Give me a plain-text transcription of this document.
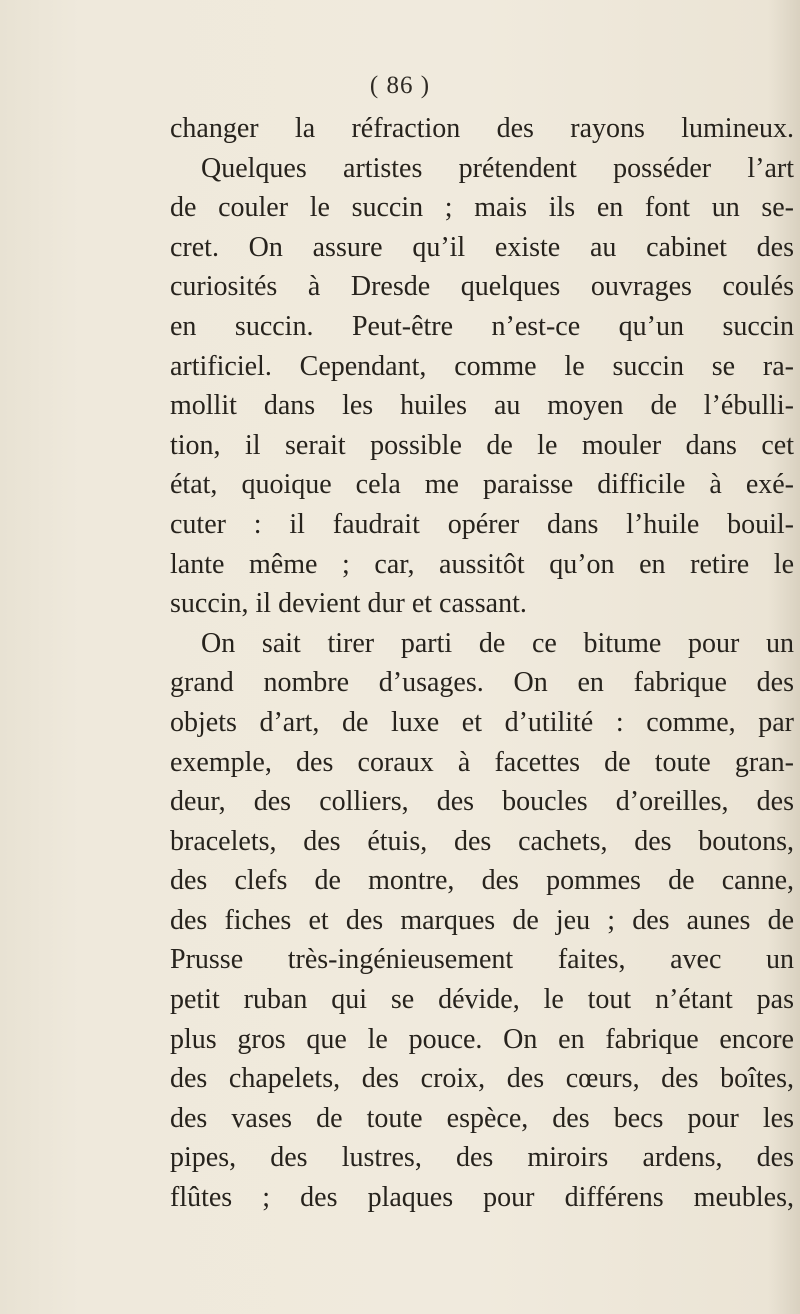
( 86 )
changer la réfraction des rayons lumineux.
Quelques artistes prétendent posséder l’art
de couler le succin ; mais ils en font un se-
cret. On assure qu’il existe au cabinet des
curiosités à Dresde quelques ouvrages coulés
en succin. Peut-être n’est-ce qu’un succin
artificiel. Cependant, comme le succin se ra-
mollit dans les huiles au moyen de l’ébulli-
tion, il serait possible de le mouler dans cet
état, quoique cela me paraisse difficile à exé-
cuter : il faudrait opérer dans l’huile bouil-
lante même ; car, aussitôt qu’on en retire le
succin, il devient dur et cassant.
On sait tirer parti de ce bitume pour un
grand nombre d’usages. On en fabrique des
objets d’art, de luxe et d’utilité : comme, par
exemple, des coraux à facettes de toute gran-
deur, des colliers, des boucles d’oreilles, des
bracelets, des étuis, des cachets, des boutons,
des clefs de montre, des pommes de canne,
des fiches et des marques de jeu ; des aunes de
Prusse très-ingénieusement faites, avec un
petit ruban qui se dévide, le tout n’étant pas
plus gros que le pouce. On en fabrique encore
des chapelets, des croix, des cœurs, des boîtes,
des vases de toute espèce, des becs pour les
pipes, des lustres, des miroirs ardens, des
flûtes ; des plaques pour différens meubles,
